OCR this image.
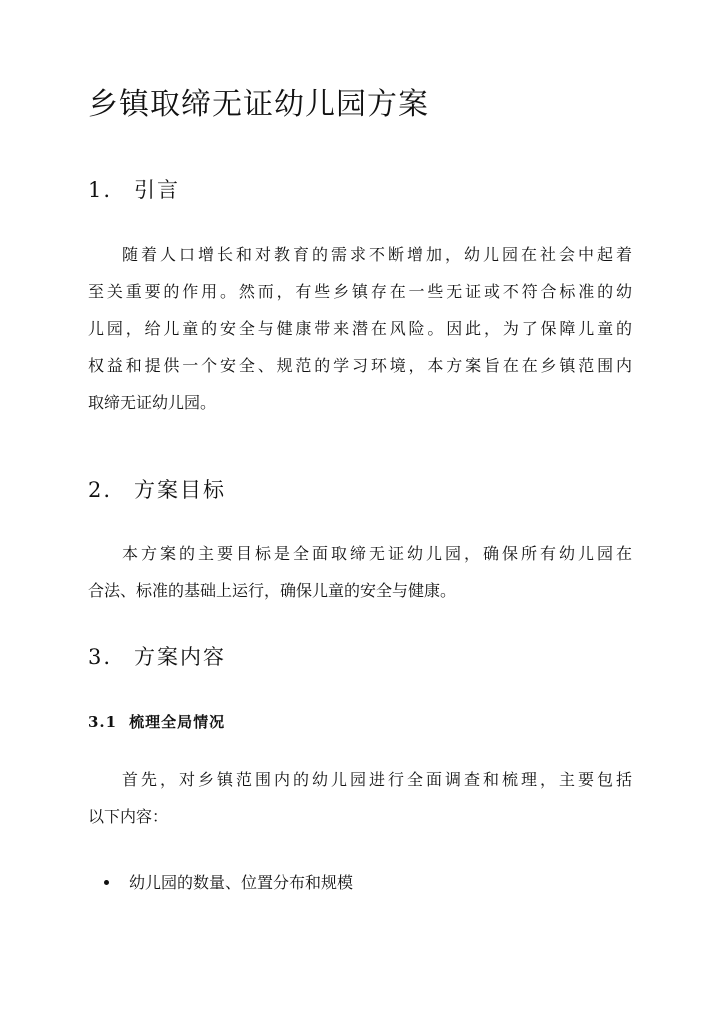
乡镇取缔无证幼儿园方案
1. 引言
随着人口增长和对教育的需求不断增加，幼儿园在社会中起着
至关重要的作用。然而，有些乡镇存在一些无证或不符合标准的幼
儿园，给儿童的安全与健康带来潜在风险。因此，为了保障儿童的
权益和提供一个安全、规范的学习环境，本方案旨在在乡镇范围内
取缔无证幼儿园。
2. 方案目标
本方案的主要目标是全面取缔无证幼儿园，确保所有幼儿园在
合法、标准的基础上运行，确保儿童的安全与健康。
3. 方案内容
3.1 梳理全局情况
首先，对乡镇范围内的幼儿园进行全面调查和梳理，主要包括
以下内容：

幼儿园的数量、位置分布和规模
